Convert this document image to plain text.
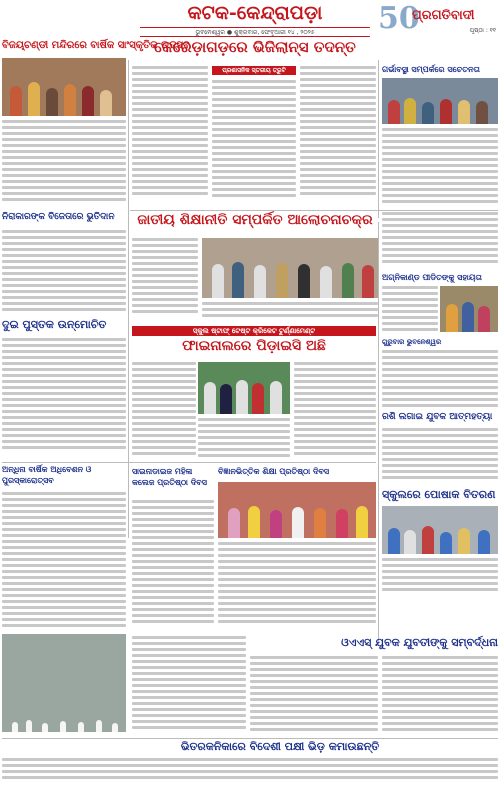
କଟକ-କେନ୍ଦ୍ରାପଡ଼ା
ଭୁବନେଶ୍ୱର ● ଶୁକ୍ରବାର, ଫେବୃଆରୀ ୧୪ , ୨୦୨୫	50
ପ୍ରଗତିବାଦୀ
ପୃଷ୍ଠା : ୧୧
ବିଜୟ୍ଚଣ୍ଡୀ ମନ୍ଦିରରେ ବାର୍ଷିକ ସାଂସ୍କୃତିକ ଉତ୍ସବ
କେରେଡ଼ାଗଡ଼ରେ ଭିଜିଲାନ୍ସ ତଦନ୍ତ
ପ୍ରଶାସନିକ ସ୍ତରୀୟ ତ୍ରୁଟି	ଗର୍ଭାବସ୍ଥା ସମ୍ପର୍କରେ ସଚେତନତା
ଜାତୀୟ ଶିକ୍ଷାନୀତି ସମ୍ପର୍କିତ ଆଲୋଚନାଚକ୍ର
ନିରାକାରଙ୍କ ବିଜେତାରେ ଭୁତିଦାନ
ଅଗ୍ନିକାଣ୍ଡ ପୀଡିତଙ୍କୁ ସହାୟତା
ସ୍କୁଲ ଷ୍ଟାଫ୍ ଟେଷ୍ଟ କ୍ରିକେଟ ଟୁର୍ଣ୍ଣାମେଣ୍ଟ
ଫାଇନାଲରେ ପିଡ଼ାଇସି ଅଛି
ଦୁଇ ପୁସ୍ତକ ଉନ୍ମୋଚିତ
ଗୁରୁବାର ଭୁବନେଶ୍ୱର
ରଶି ଲଗାଇ ଯୁବକ ଆତ୍ମହତ୍ୟା
ସ୍କୁଲରେ ପୋଷାକ ବିତରଣ
ଅନ୍ଧିନା ବାର୍ଷିକ ଅଧିବେଶନ ଓ ପୁରସ୍କାରୋତ୍ସବ
ସାଇନାଡାଇଜ ମହିଳା କଲେଜ ପ୍ରତିଷ୍ଠା ଦିବସ
ବିଜ୍ଞାନଭିତ୍ତିକ ଶିକ୍ଷା ପ୍ରତିଷ୍ଠା ଦିବସ
ଓଏଏସ୍ ଯୁବକ ଯୁବତୀଙ୍କୁ ସମ୍ବର୍ଦ୍ଧନା
ଭିତରକନିକାରେ ବିଦେଶୀ ପକ୍ଷୀ ଭିଡ଼ କମାଉଛନ୍ତି
